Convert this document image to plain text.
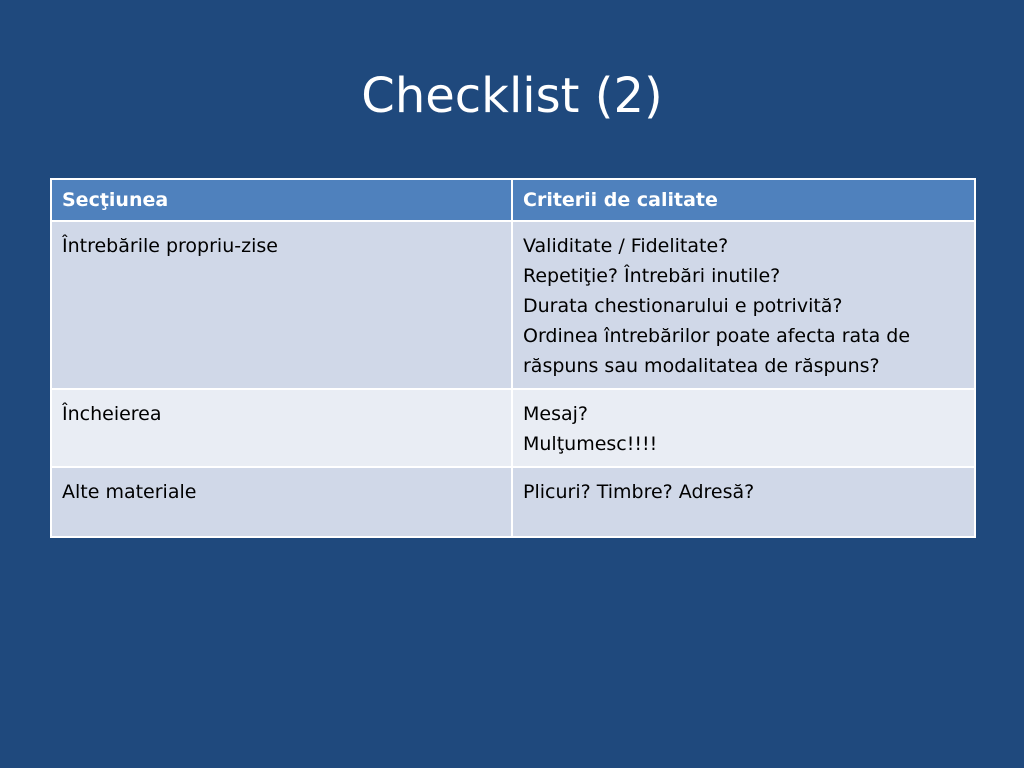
Checklist (2)
Secţiunea	Criterii de calitate
Întrebările propriu-zise	Validitate / Fidelitate?
Repetiţie? Întrebări inutile?
Durata chestionarului e potrivită?
Ordinea întrebărilor poate afecta rata de răspuns sau modalitatea de răspuns?

Încheierea	Mesaj?
Mulţumesc!!!!

Alte materiale	Plicuri? Timbre? Adresă?
